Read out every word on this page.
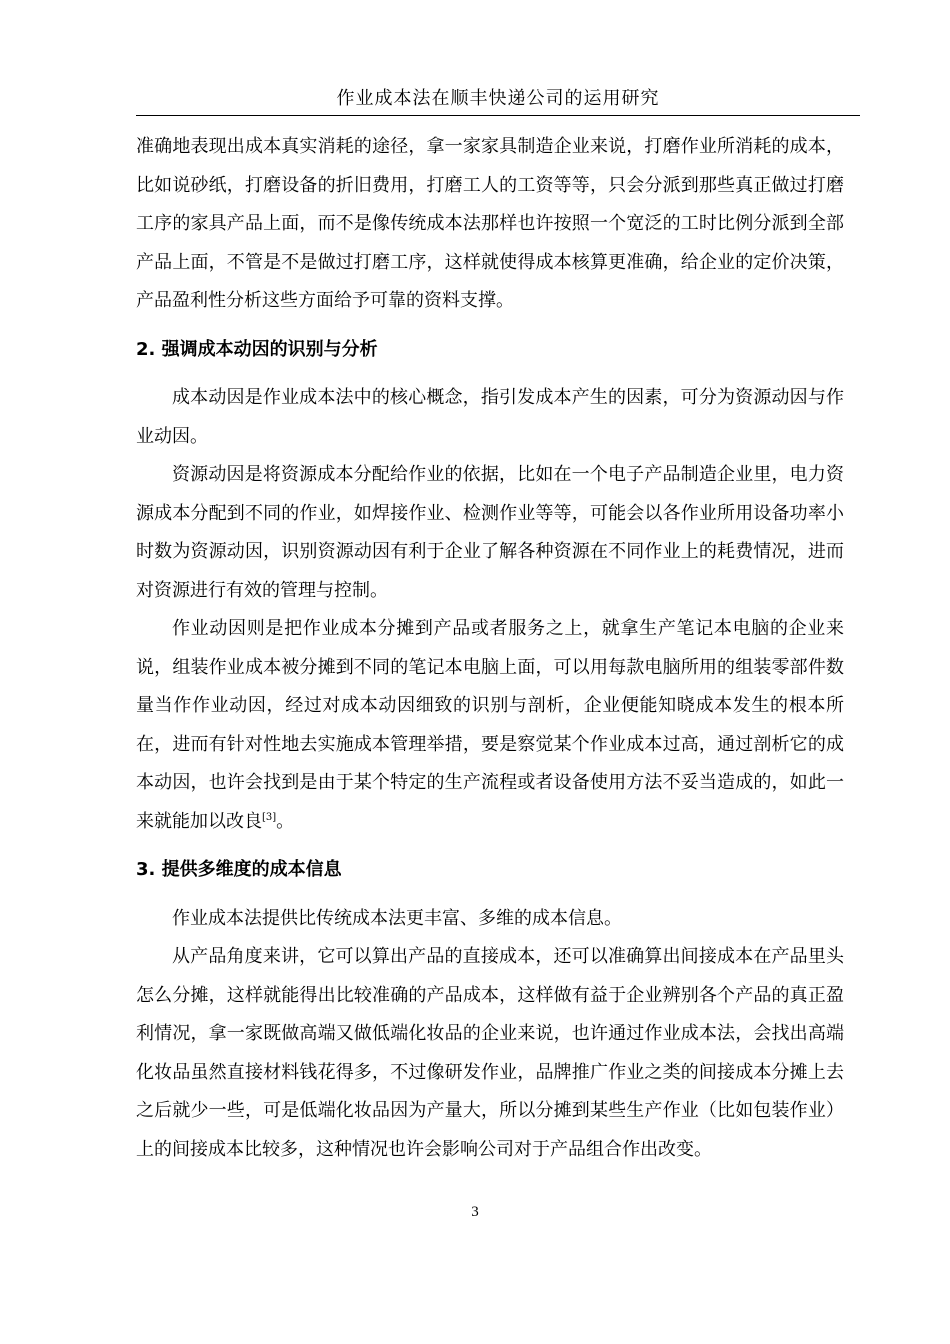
作业成本法在顺丰快递公司的运用研究

准确地表现出成本真实消耗的途径，拿一家家具制造企业来说，打磨作业所消耗的成本，比如说砂纸，打磨设备的折旧费用，打磨工人的工资等等，只会分派到那些真正做过打磨工序的家具产品上面，而不是像传统成本法那样也许按照一个宽泛的工时比例分派到全部产品上面，不管是不是做过打磨工序，这样就使得成本核算更准确，给企业的定价决策，产品盈利性分析这些方面给予可靠的资料支撑。

2. 强调成本动因的识别与分析

成本动因是作业成本法中的核心概念，指引发成本产生的因素，可分为资源动因与作业动因。

资源动因是将资源成本分配给作业的依据，比如在一个电子产品制造企业里，电力资源成本分配到不同的作业，如焊接作业、检测作业等等，可能会以各作业所用设备功率小时数为资源动因，识别资源动因有利于企业了解各种资源在不同作业上的耗费情况，进而对资源进行有效的管理与控制。

作业动因则是把作业成本分摊到产品或者服务之上，就拿生产笔记本电脑的企业来说，组装作业成本被分摊到不同的笔记本电脑上面，可以用每款电脑所用的组装零部件数量当作作业动因，经过对成本动因细致的识别与剖析，企业便能知晓成本发生的根本所在，进而有针对性地去实施成本管理举措，要是察觉某个作业成本过高，通过剖析它的成本动因，也许会找到是由于某个特定的生产流程或者设备使用方法不妥当造成的，如此一来就能加以改良[3]。

3. 提供多维度的成本信息

作业成本法提供比传统成本法更丰富、多维的成本信息。

从产品角度来讲，它可以算出产品的直接成本，还可以准确算出间接成本在产品里头怎么分摊，这样就能得出比较准确的产品成本，这样做有益于企业辨别各个产品的真正盈利情况，拿一家既做高端又做低端化妆品的企业来说，也许通过作业成本法，会找出高端化妆品虽然直接材料钱花得多，不过像研发作业，品牌推广作业之类的间接成本分摊上去之后就少一些，可是低端化妆品因为产量大，所以分摊到某些生产作业（比如包装作业）上的间接成本比较多，这种情况也许会影响公司对于产品组合作出改变。

3
